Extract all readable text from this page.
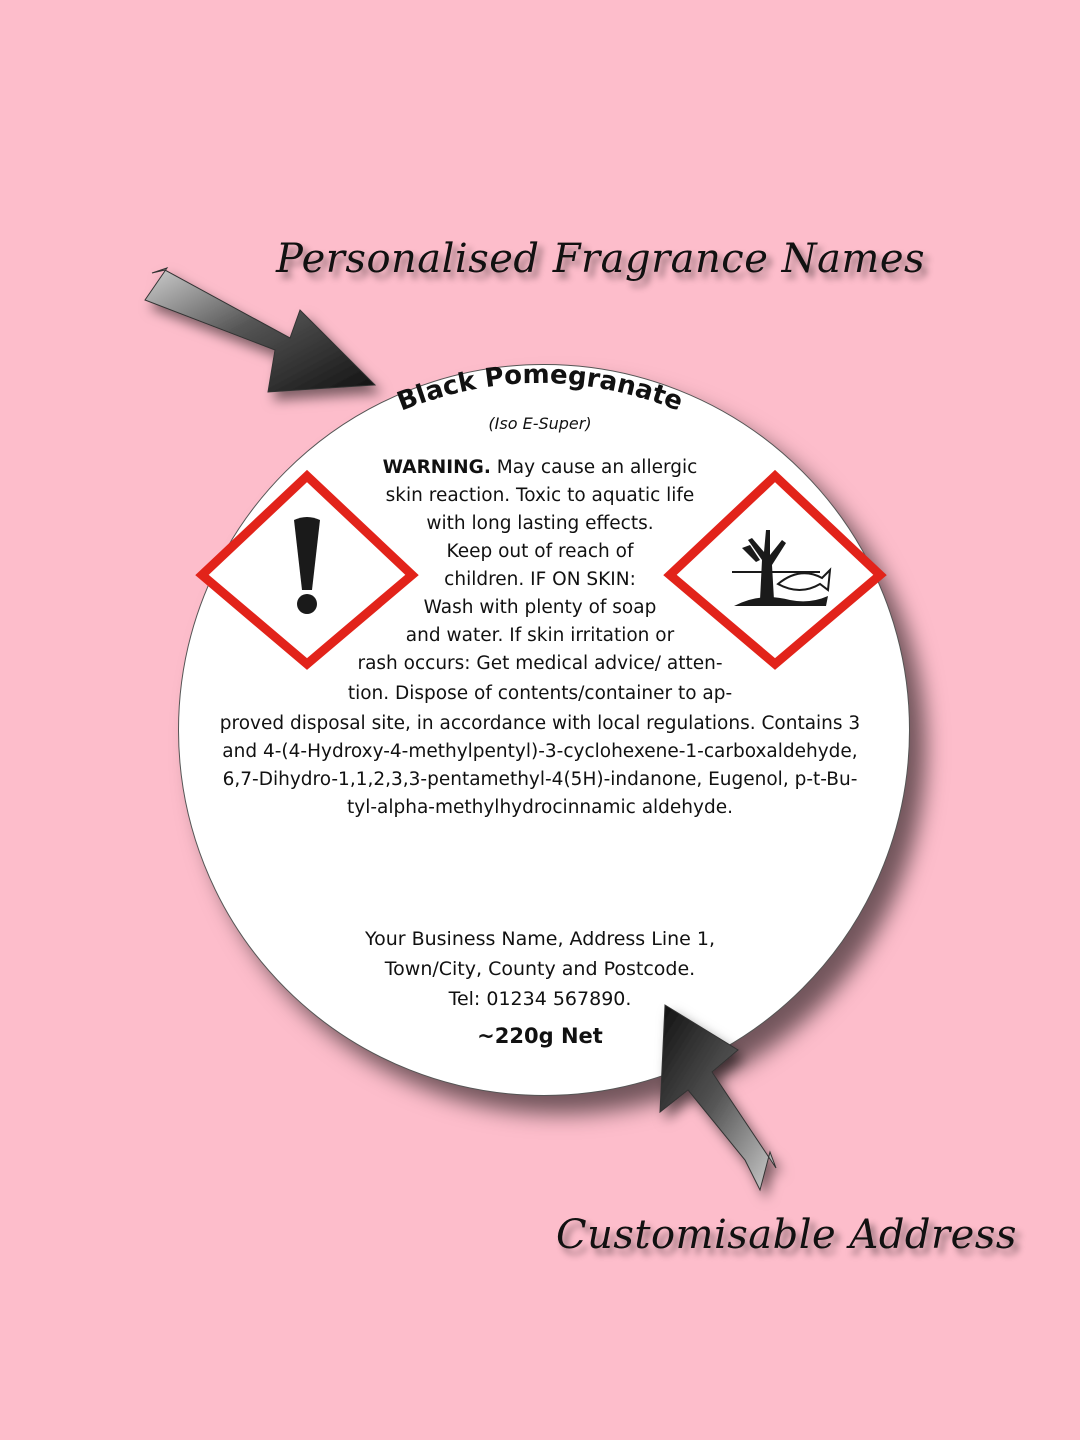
Personalised Fragrance Names
Black Pomegranate
(Iso E-Super)
WARNING. May cause an allergic
skin reaction. Toxic to aquatic life
with long lasting effects.
Keep out of reach of
children. IF ON SKIN:
Wash with plenty of soap
and water. If skin irritation or
rash occurs: Get medical advice/ atten-
tion. Dispose of contents/container to ap-
proved disposal site, in accordance with local regulations. Contains 3
and 4-(4-Hydroxy-4-methylpentyl)-3-cyclohexene-1-carboxaldehyde,
6,7-Dihydro-1,1,2,3,3-pentamethyl-4(5H)-indanone, Eugenol, p-t-Bu-
tyl-alpha-methylhydrocinnamic aldehyde.
Your Business Name, Address Line 1,
Town/City, County and Postcode.
Tel: 01234 567890.
~220g Net
Customisable Address
